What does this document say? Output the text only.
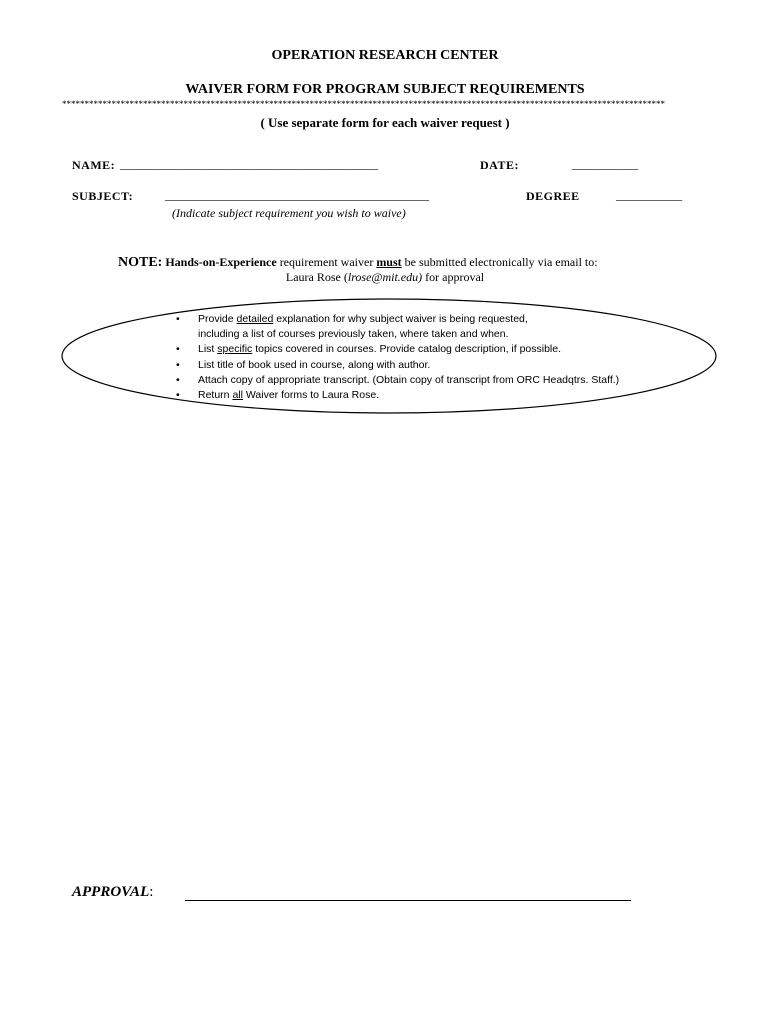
OPERATION RESEARCH CENTER
WAIVER FORM FOR PROGRAM SUBJECT REQUIREMENTS
**************************************************************************************************************************************
( Use separate form for each waiver request )
NAME: ___________________________________________	DATE:	___________
SUBJECT:	____________________________________________	DEGREE	___________
(Indicate subject requirement you wish to waive)
NOTE: Hands-on-Experience requirement waiver must be submitted electronically via email to:
Laura Rose (lrose@mit.edu) for approval
• Provide detailed explanation for why subject waiver is being requested,
including a list of courses previously taken, where taken and when.
• List specific topics covered in courses. Provide catalog description, if possible.
• List title of book used in course, along with author.
• Attach copy of appropriate transcript. (Obtain copy of transcript from ORC Headqtrs. Staff.)
• Return all Waiver forms to Laura Rose.
APPROVAL:
